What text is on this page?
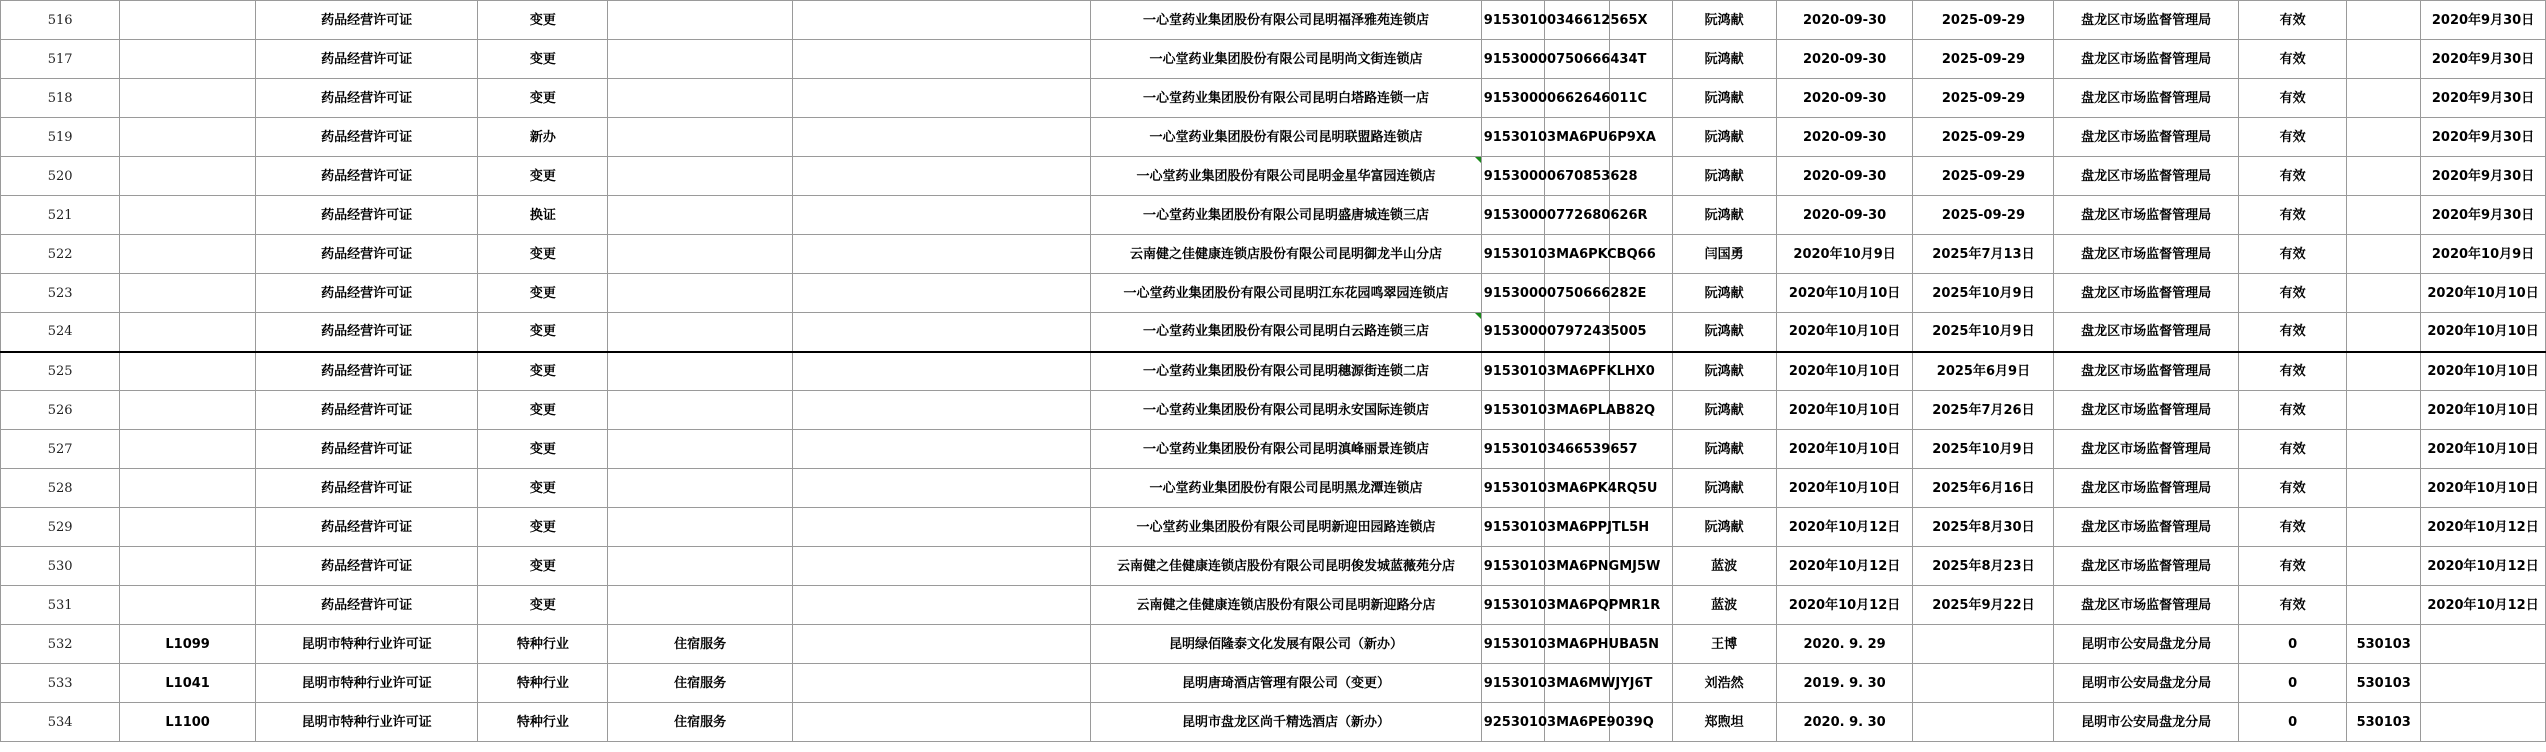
516		药品经营许可证	变更			一心堂药业集团股份有限公司昆明福泽雅苑连锁店	91530100346612565X			阮鸿献	2020-09-30	2025-09-29	盘龙区市场监督管理局	有效		2020年9月30日
517		药品经营许可证	变更			一心堂药业集团股份有限公司昆明尚文街连锁店	91530000750666434T			阮鸿献	2020-09-30	2025-09-29	盘龙区市场监督管理局	有效		2020年9月30日
518		药品经营许可证	变更			一心堂药业集团股份有限公司昆明白塔路连锁一店	91530000662646011C			阮鸿献	2020-09-30	2025-09-29	盘龙区市场监督管理局	有效		2020年9月30日
519		药品经营许可证	新办			一心堂药业集团股份有限公司昆明联盟路连锁店	91530103MA6PU6P9XA			阮鸿献	2020-09-30	2025-09-29	盘龙区市场监督管理局	有效		2020年9月30日
520		药品经营许可证	变更			一心堂药业集团股份有限公司昆明金星华富园连锁店	91530000670853628			阮鸿献	2020-09-30	2025-09-29	盘龙区市场监督管理局	有效		2020年9月30日
521		药品经营许可证	换证			一心堂药业集团股份有限公司昆明盛唐城连锁三店	91530000772680626R			阮鸿献	2020-09-30	2025-09-29	盘龙区市场监督管理局	有效		2020年9月30日
522		药品经营许可证	变更			云南健之佳健康连锁店股份有限公司昆明御龙半山分店	91530103MA6PKCBQ66			闫国勇	2020年10月9日	2025年7月13日	盘龙区市场监督管理局	有效		2020年10月9日
523		药品经营许可证	变更			一心堂药业集团股份有限公司昆明江东花园鸣翠园连锁店	91530000750666282E			阮鸿献	2020年10月10日	2025年10月9日	盘龙区市场监督管理局	有效		2020年10月10日
524		药品经营许可证	变更			一心堂药业集团股份有限公司昆明白云路连锁三店	91530000797243500​5			阮鸿献	2020年10月10日	2025年10月9日	盘龙区市场监督管理局	有效		2020年10月10日
525		药品经营许可证	变更			一心堂药业集团股份有限公司昆明穗源街连锁二店	91530103MA6PFKLHX0			阮鸿献	2020年10月10日	2025年6月9日	盘龙区市场监督管理局	有效		2020年10月10日
526		药品经营许可证	变更			一心堂药业集团股份有限公司昆明永安国际连锁店	91530103MA6PLAB82Q			阮鸿献	2020年10月10日	2025年7月26日	盘龙区市场监督管理局	有效		2020年10月10日
527		药品经营许可证	变更			一心堂药业集团股份有限公司昆明滇峰丽景连锁店	91530103466539657			阮鸿献	2020年10月10日	2025年10月9日	盘龙区市场监督管理局	有效		2020年10月10日
528		药品经营许可证	变更			一心堂药业集团股份有限公司昆明黑龙潭连锁店	91530103MA6PK4RQ5U			阮鸿献	2020年10月10日	2025年6月16日	盘龙区市场监督管理局	有效		2020年10月10日
529		药品经营许可证	变更			一心堂药业集团股份有限公司昆明新迎田园路连锁店	91530103MA6PPJTL5H			阮鸿献	2020年10月12日	2025年8月30日	盘龙区市场监督管理局	有效		2020年10月12日
530		药品经营许可证	变更			云南健之佳健康连锁店股份有限公司昆明俊发城蓝薇苑分店	91530103MA6PNGMJ5W			蓝波	2020年10月12日	2025年8月23日	盘龙区市场监督管理局	有效		2020年10月12日
531		药品经营许可证	变更			云南健之佳健康连锁店股份有限公司昆明新迎路分店	91530103MA6PQPMR1R			蓝波	2020年10月12日	2025年9月22日	盘龙区市场监督管理局	有效		2020年10月12日
532	L1099	昆明市特种行业许可证	特种行业	住宿服务		昆明绿佰隆泰文化发展有限公司（新办）	91530103MA6PHUBA5N			王博	2020. 9. 29		昆明市公安局盘龙分局	0	530103	
533	L1041	昆明市特种行业许可证	特种行业	住宿服务		昆明唐琦酒店管理有限公司（变更）	91530103MA6MWJYJ6T			刘浩然	2019. 9. 30		昆明市公安局盘龙分局	0	530103	
534	L1100	昆明市特种行业许可证	特种行业	住宿服务		昆明市盘龙区尚千精选酒店（新办）	92530103MA6PE9039Q			郑煦坦	2020. 9. 30		昆明市公安局盘龙分局	0	530103	
